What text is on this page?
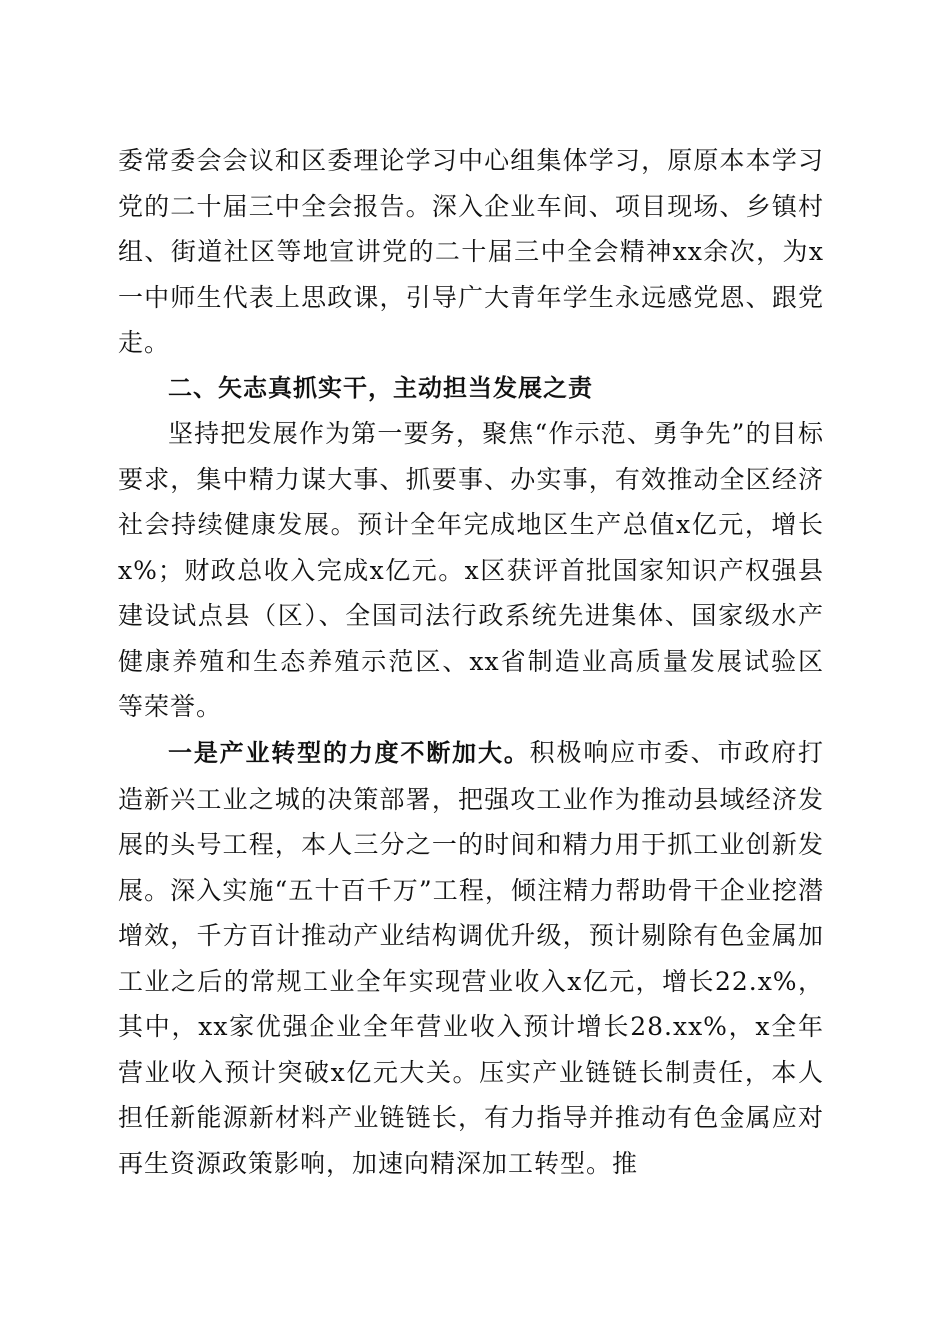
委常委会会议和区委理论学习中心组集体学习，原原本本学习党的二十届三中全会报告。深入企业车间、项目现场、乡镇村组、街道社区等地宣讲党的二十届三中全会精神xx余次，为x一中师生代表上思政课，引导广大青年学生永远感党恩、跟党走。
二、矢志真抓实干，主动担当发展之责
坚持把发展作为第一要务，聚焦“作示范、勇争先”的目标要求，集中精力谋大事、抓要事、办实事，有效推动全区经济社会持续健康发展。预计全年完成地区生产总值x亿元，增长x%；财政总收入完成x亿元。x区获评首批国家知识产权强县建设试点县（区）、全国司法行政系统先进集体、国家级水产健康养殖和生态养殖示范区、xx省制造业高质量发展试验区等荣誉。
一是产业转型的力度不断加大。积极响应市委、市政府打造新兴工业之城的决策部署，把强攻工业作为推动县域经济发展的头号工程，本人三分之一的时间和精力用于抓工业创新发展。深入实施“五十百千万”工程，倾注精力帮助骨干企业挖潜增效，千方百计推动产业结构调优升级，预计剔除有色金属加工业之后的常规工业全年实现营业收入x亿元，增长22.x%，其中，xx家优强企业全年营业收入预计增长28.xx%，x全年营业收入预计突破x亿元大关。压实产业链链长制责任，本人担任新能源新材料产业链链长，有力指导并推动有色金属应对再生资源政策影响，加速向精深加工转型。推
